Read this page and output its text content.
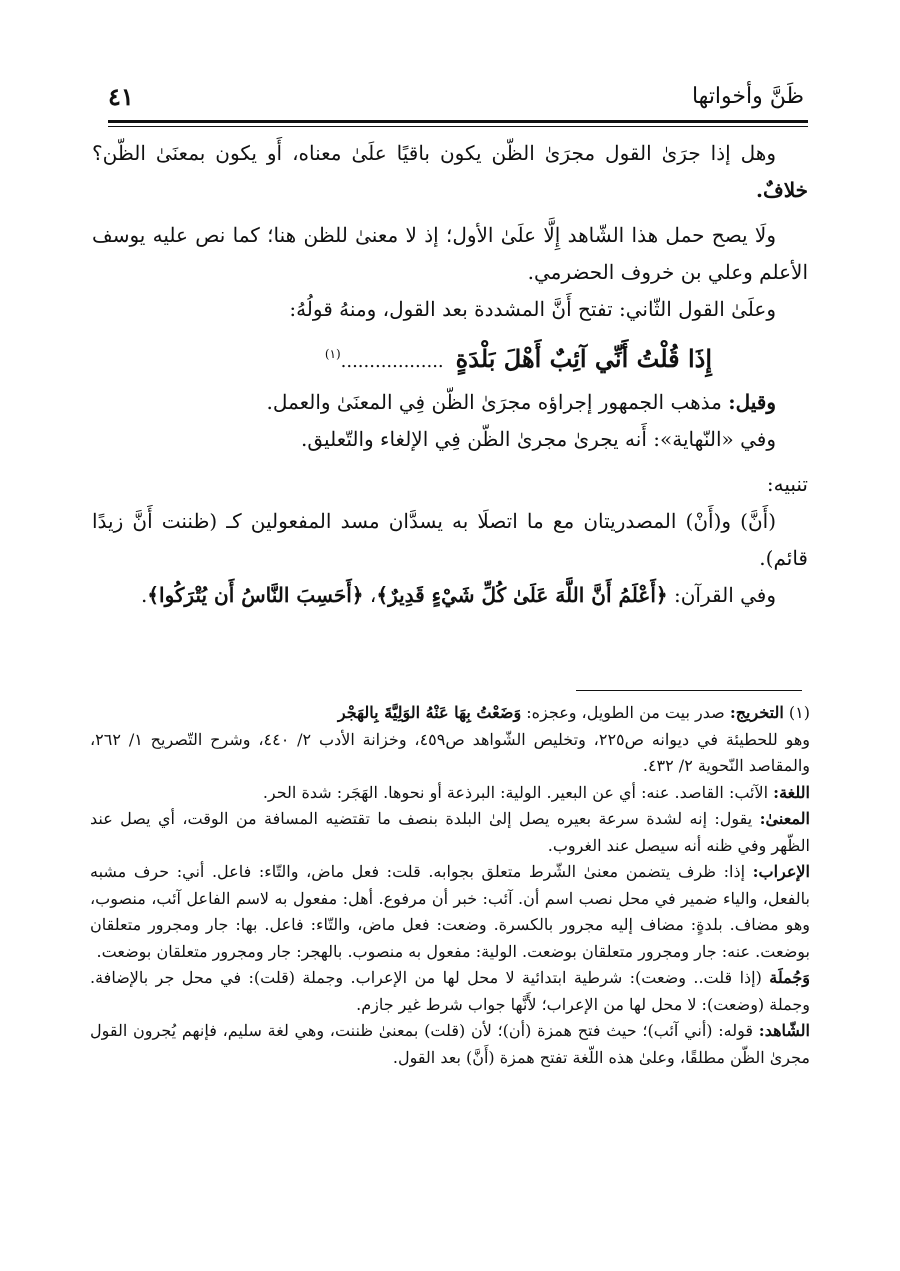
ظَنَّ وأخواتها
٤١

وهل إذا جرَىٰ القول مجرَىٰ الظّن يكون باقيًا علَىٰ معناه، أَو يكون بمعنَىٰ الظّن؟ خلافٌ.

ولَا يصح حمل هذا الشّاهد إِلَّا علَىٰ الأول؛ إذ لا معنىٰ للظن هنا؛ كما نص عليه يوسف الأعلم وعلي بن خروف الحضرمي.

وعلَىٰ القول الثّاني: تفتح أَنَّ المشددة بعد القول، ومنهُ قولُهُ:

إِذَا قُلْتُ أَنِّي آئِبٌ أَهْلَ بَلْدَةٍ..................$^{(١)}$

وقيل: مذهب الجمهور إجراؤه مجرَىٰ الظّن فِي المعنَىٰ والعمل.

وفي «النّهاية»: أَنه يجرىٰ مجرىٰ الظّن فِي الإلغاء والتّعليق.

تنبيه:

(أَنَّ) و(أَنْ) المصدريتان مع ما اتصلَا به يسدَّان مسد المفعولين كـ (ظننت أَنَّ زيدًا قائم).

وفي القرآن: ﴿أَعْلَمُ أَنَّ اللَّهَ عَلَىٰ كُلِّ شَيْءٍ قَدِيرٌ﴾، ﴿أَحَسِبَ النَّاسُ أَن يُتْرَكُوا﴾.

(١) التخريج: صدر بيت من الطويل، وعجزه: وَضَعْتُ بِهَا عَنْهُ الوَلِيَّةَ بِالهَجْر

وهو للحطيئة في ديوانه ص٢٢٥، وتخليص الشّواهد ص٤٥٩، وخزانة الأدب ٢/ ٤٤٠، وشرح التّصريح ١/ ٢٦٢، والمقاصد النّحوية ٢/ ٤٣٢.

اللغة: الآئب: القاصد. عنه: أي عن البعير. الولية: البرذعة أو نحوها. الهَجَر: شدة الحر.

المعنىٰ: يقول: إنه لشدة سرعة بعيره يصل إلىٰ البلدة بنصف ما تقتضيه المسافة من الوقت، أي يصل عند الظّهر وفي ظنه أنه سيصل عند الغروب.

الإعراب: إذا: ظرف يتضمن معنىٰ الشّرط متعلق بجوابه. قلت: فعل ماض، والتّاء: فاعل. أني: حرف مشبه بالفعل، والياء ضمير في محل نصب اسم أن. آئب: خبر أن مرفوع. أهل: مفعول به لاسم الفاعل آئب، منصوب، وهو مضاف. بلدةٍ: مضاف إليه مجرور بالكسرة. وضعت: فعل ماض، والتّاء: فاعل. بها: جار ومجرور متعلقان بوضعت. عنه: جار ومجرور متعلقان بوضعت. الولية: مفعول به منصوب. بالهجر: جار ومجرور متعلقان بوضعت.

وَجُملَة (إذا قلت.. وضعت): شرطية ابتدائية لا محل لها من الإعراب. وجملة (قلت): في محل جر بالإضافة. وجملة (وضعت): لا محل لها من الإعراب؛ لأَنَّها جواب شرط غير جازم.

الشّاهد: قوله: (أني آئب)؛ حيث فتح همزة (أن)؛ لأن (قلت) بمعنىٰ ظننت، وهي لغة سليم، فإنهم يُجرون القول مجرىٰ الظّن مطلقًا، وعلىٰ هذه اللّغة تفتح همزة (أَنَّ) بعد القول.
